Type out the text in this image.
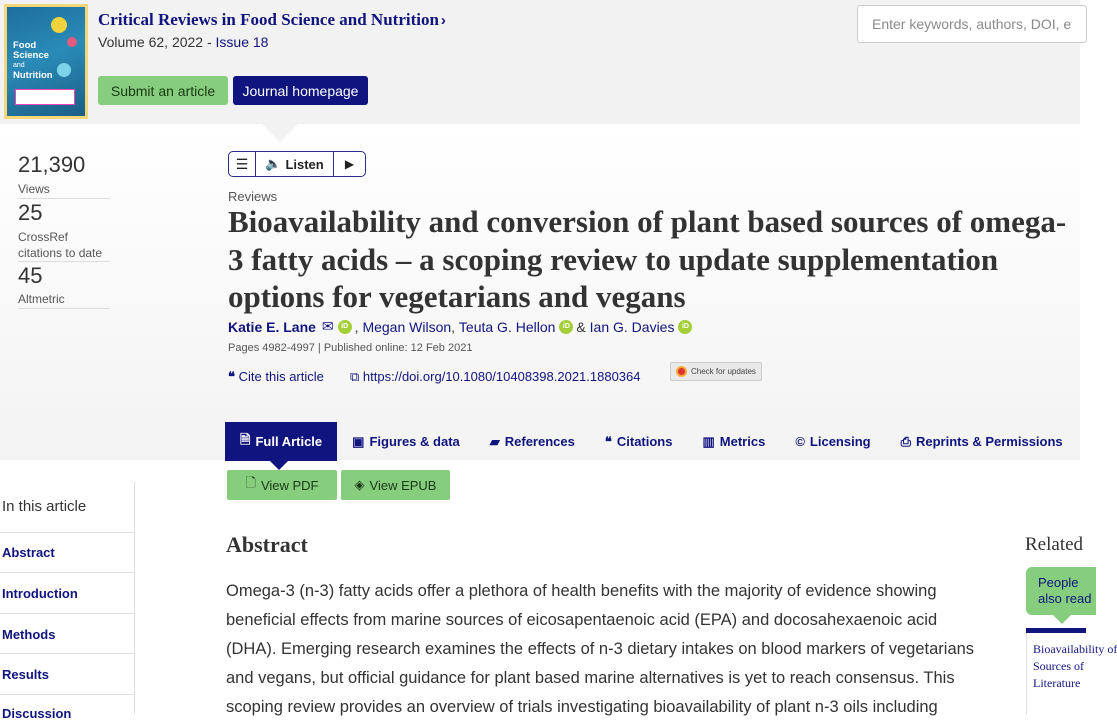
Food
Science
and
Nutrition
Critical Reviews in Food Science and Nutrition ›
Volume 62, 2022 - Issue 18
Submit an article	Journal homepage
Enter keywords, authors, DOI, etc.
21,390
Views
25
CrossRef citations to date
45
Altmetric
☰ 🔈 Listen ▶
Reviews
Bioavailability and conversion of plant based sources of omega-3 fatty acids – a scoping review to update supplementation options for vegetarians and vegans
Katie E. Lane ✉	iD ,
Megan Wilson ,
Teuta G. Hellon	iD &
Ian G. Davies	iD
Pages 4982-4997 | Published online: 12 Feb 2021
❝ Cite this article ⧉ https://doi.org/10.1080/10408398.2021.1880364	Check for updates
🗎 Full Article ▣ Figures & data ▰ References ❝ Citations ▥ Metrics © Licensing ⎙ Reprints & Permissions
🗋 View PDF	◈ View EPUB
In this article
Abstract
Introduction
Methods
Results
Discussion
Abstract
Omega-3 (n-3) fatty acids offer a plethora of health benefits with the majority of evidence showing
beneficial effects from marine sources of eicosapentaenoic acid (EPA) and docosahexaenoic acid
(DHA). Emerging research examines the effects of n-3 dietary intakes on blood markers of vegetarians
and vegans, but official guidance for plant based marine alternatives is yet to reach consensus. This
scoping review provides an overview of trials investigating bioavailability of plant n-3 oils including
Related
People also read
Bioavailability of
Sources of
Literature
